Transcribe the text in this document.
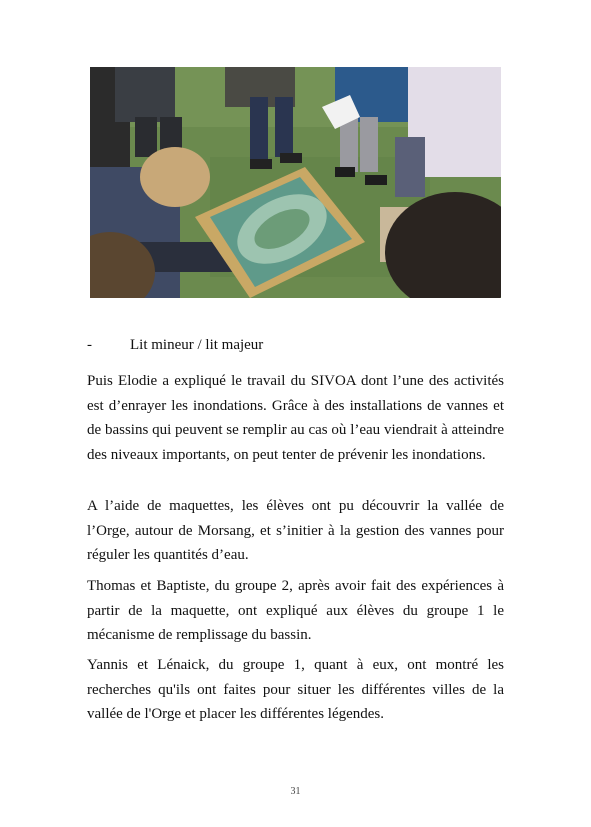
-	Lit mineur / lit majeur

Puis Elodie a expliqué le travail du SIVOA dont l’une des activités est d’enrayer les inondations. Grâce à des installations de vannes et de bassins qui peuvent se remplir au cas où l’eau viendrait à atteindre des niveaux importants, on peut tenter de prévenir les inondations.

A l’aide de maquettes, les élèves ont pu découvrir la vallée de l’Orge, autour de Morsang, et s’initier à la gestion des vannes pour réguler les quantités d’eau.

Thomas et Baptiste, du groupe 2, après avoir fait des expériences à partir de la maquette, ont expliqué aux élèves du groupe 1 le mécanisme de remplissage du bassin.

Yannis et Lénaick, du groupe 1, quant à eux, ont montré les recherches qu'ils ont faites pour situer les différentes villes de la vallée de l'Orge et placer les différentes légendes.

31
